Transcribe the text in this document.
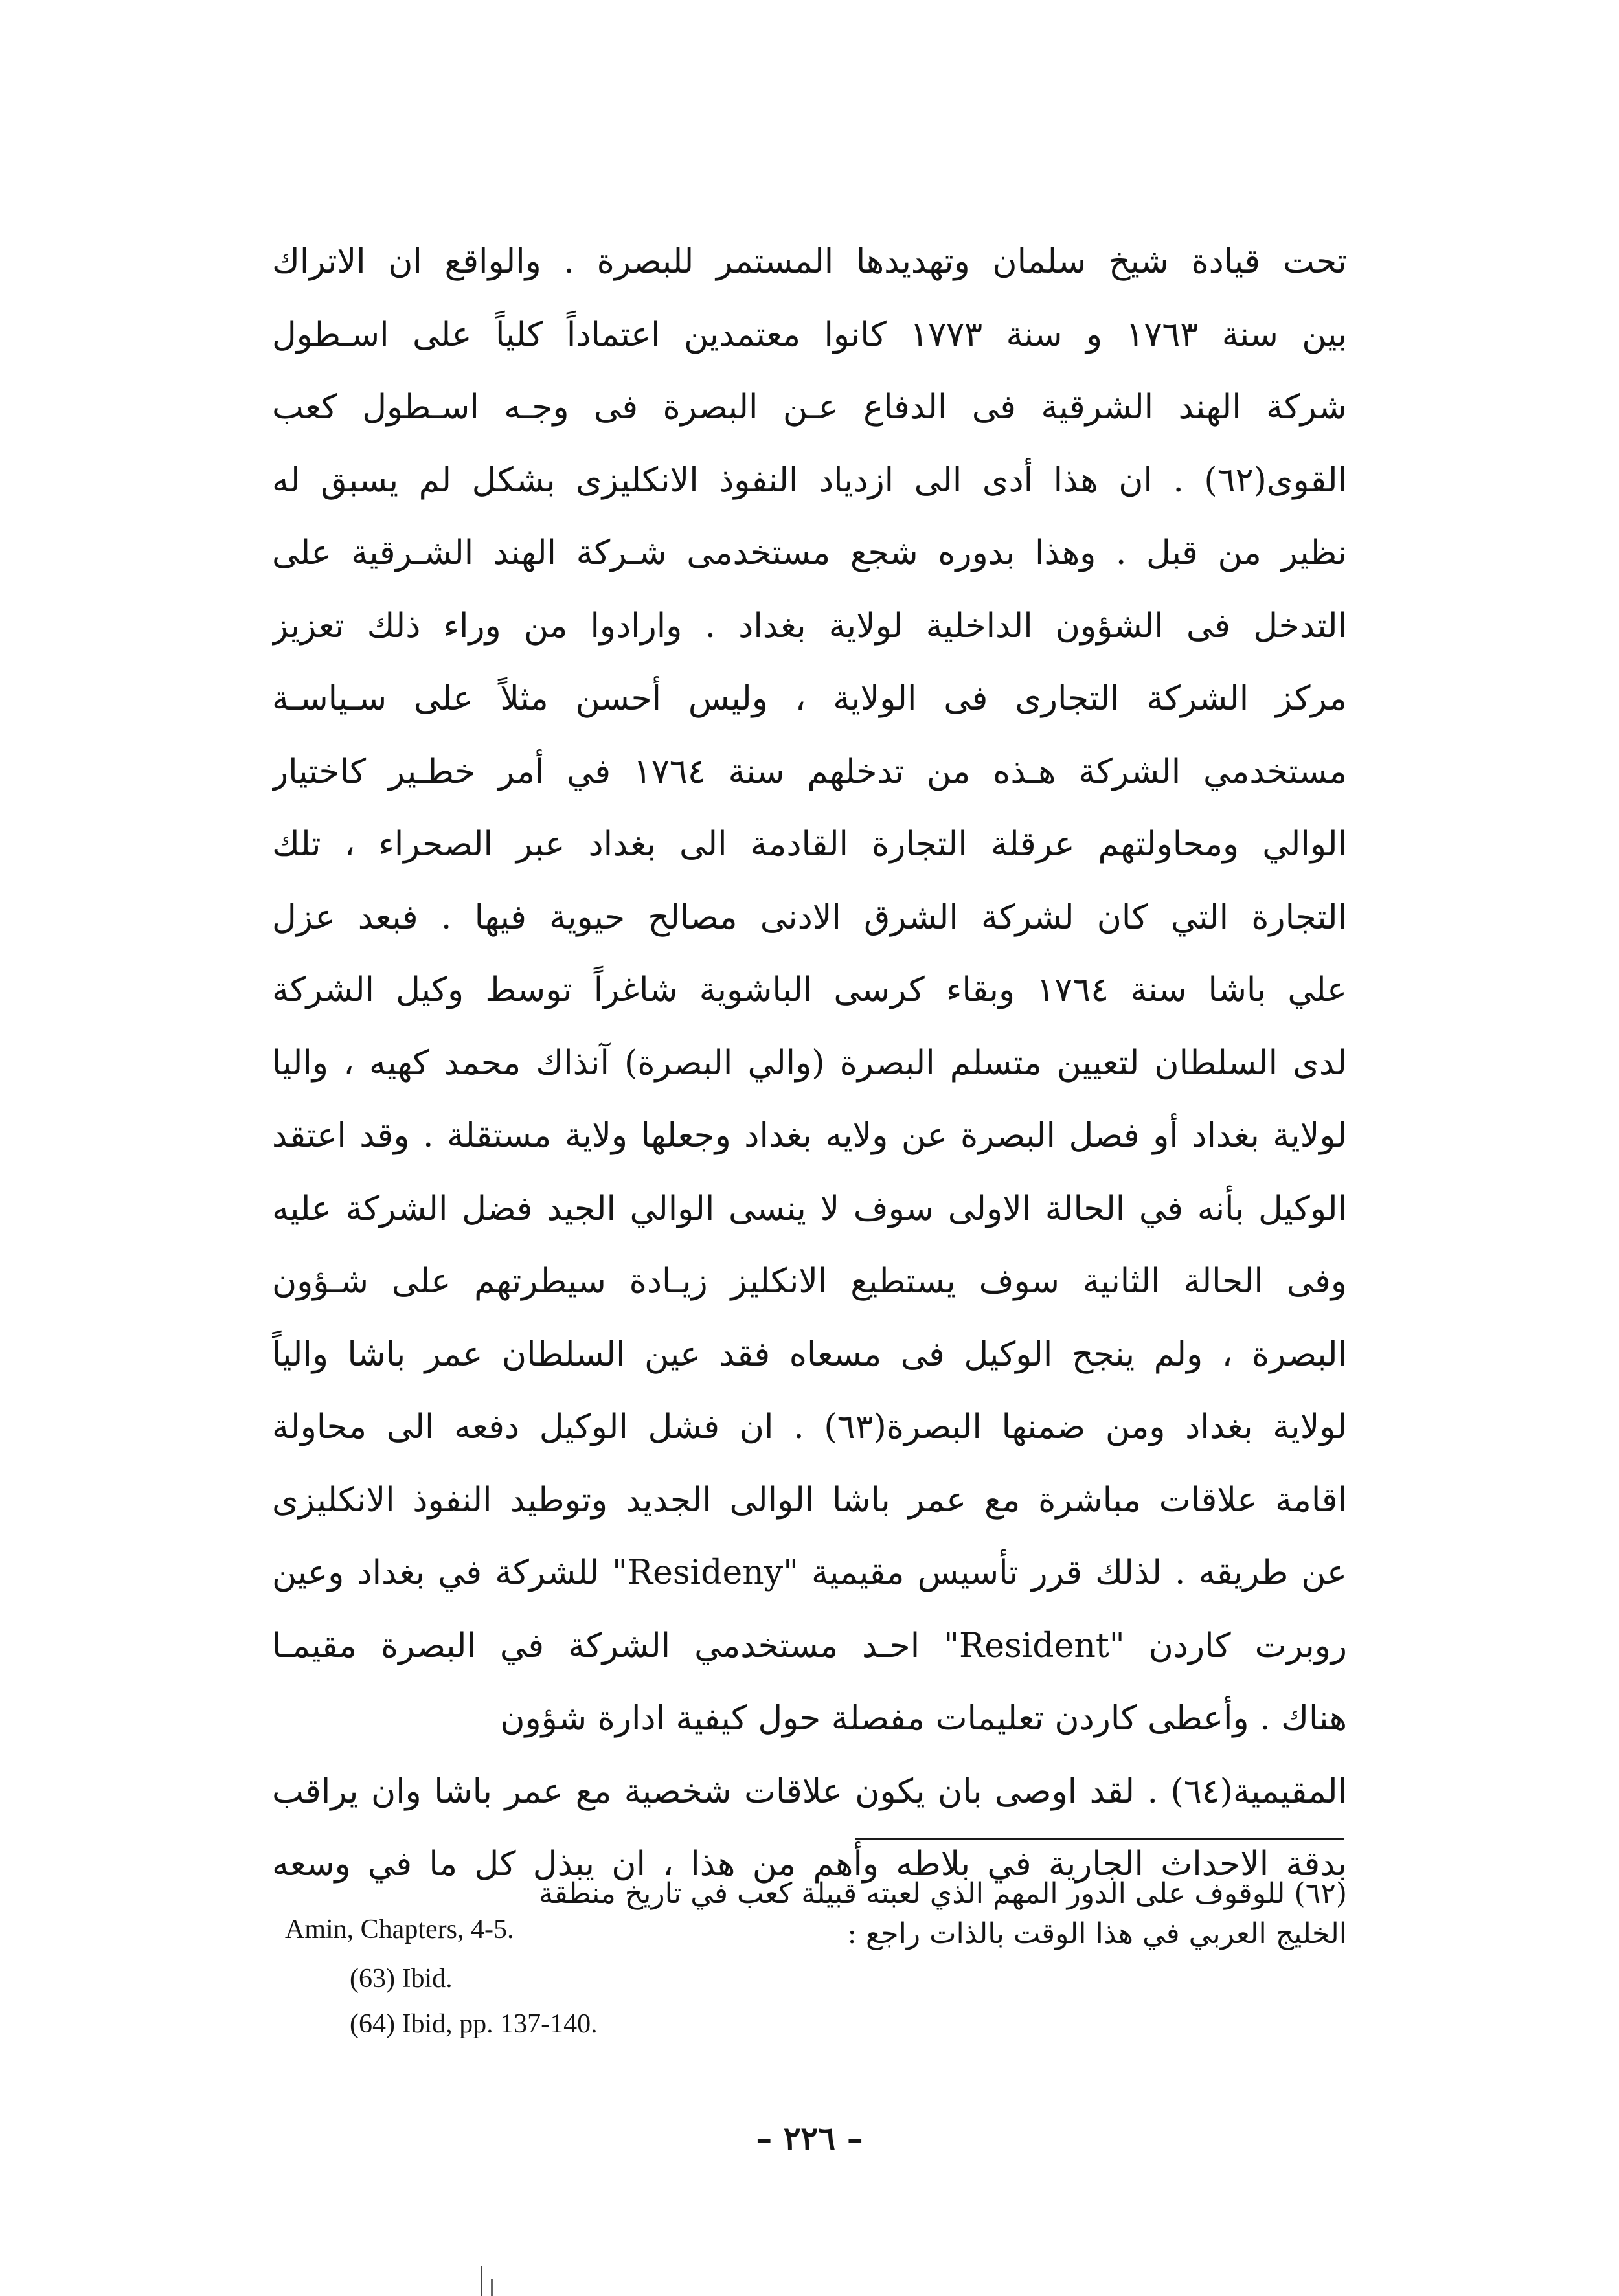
تحت قيادة شيخ سلمان وتهديدها المستمر للبصرة . والواقع ان الاتراك
بين سنة ١٧٦٣ و سنة ١٧٧٣ كانوا معتمدين اعتماداً كلياً على اسـطول
شركة الهند الشرقية فى الدفاع عـن البصرة فى وجـه اسـطول كعب
القوى(٦٢) . ان هذا أدى الى ازدياد النفوذ الانكليزى بشكل لم يسبق له
نظير من قبل . وهذا بدوره شجع مستخدمى شـركة الهند الشـرقية على
التدخل فى الشؤون الداخلية لولاية بغداد . وارادوا من وراء ذلك تعزيز
مركز الشركة التجارى فى الولاية ، وليس أحسن مثلاً على سـياسـة
مستخدمي الشركة هـذه من تدخلهم سنة ١٧٦٤ في أمر خطـير كاختيار
الوالي ومحاولتهم عرقلة التجارة القادمة الى بغداد عبر الصحراء ، تلك
التجارة التي كان لشركة الشرق الادنى مصالح حيوية فيها . فبعد عزل
علي باشا سنة ١٧٦٤ وبقاء كرسى الباشوية شاغراً توسط وكيل الشركة
لدى السلطان لتعيين متسلم البصرة (والي البصرة) آنذاك محمد كهيه ، واليا
لولاية بغداد أو فصل البصرة عن ولايه بغداد وجعلها ولاية مستقلة . وقد اعتقد
الوكيل بأنه في الحالة الاولى سوف لا ينسى الوالي الجيد فضل الشركة عليه
وفى الحالة الثانية سوف يستطيع الانكليز زيـادة سيطرتهم على شـؤون
البصرة ، ولم ينجح الوكيل فى مسعاه فقد عين السلطان عمر باشا والياً
لولاية بغداد ومن ضمنها البصرة(٦٣) . ان فشل الوكيل دفعه الى محاولة
اقامة علاقات مباشرة مع عمر باشا الوالى الجديد وتوطيد النفوذ الانكليزى
عن طريقه . لذلك قرر تأسيس مقيمية "Resideny" للشركة في بغداد وعين
روبرت كاردن "Resident" احـد مستخدمي الشركة في البصرة مقيمـا
هناك . وأعطى كاردن تعليمات مفصلة حول كيفية ادارة شؤون
المقيمية(٦٤) . لقد اوصى بان يكون علاقات شخصية مع عمر باشا وان يراقب
بدقة الاحداث الجارية في بلاطه وأهم من هذا ، ان يبذل كل ما في وسعه
(٦٢) للوقوف على الدور المهم الذي لعبته قبيلة كعب في تاريخ منطقة
الخليج العربي في هذا الوقت بالذات راجع :
Amin, Chapters, 4-5.
(63) Ibid.
(64) Ibid, pp. 137-140.
– ٢٢٦ –
